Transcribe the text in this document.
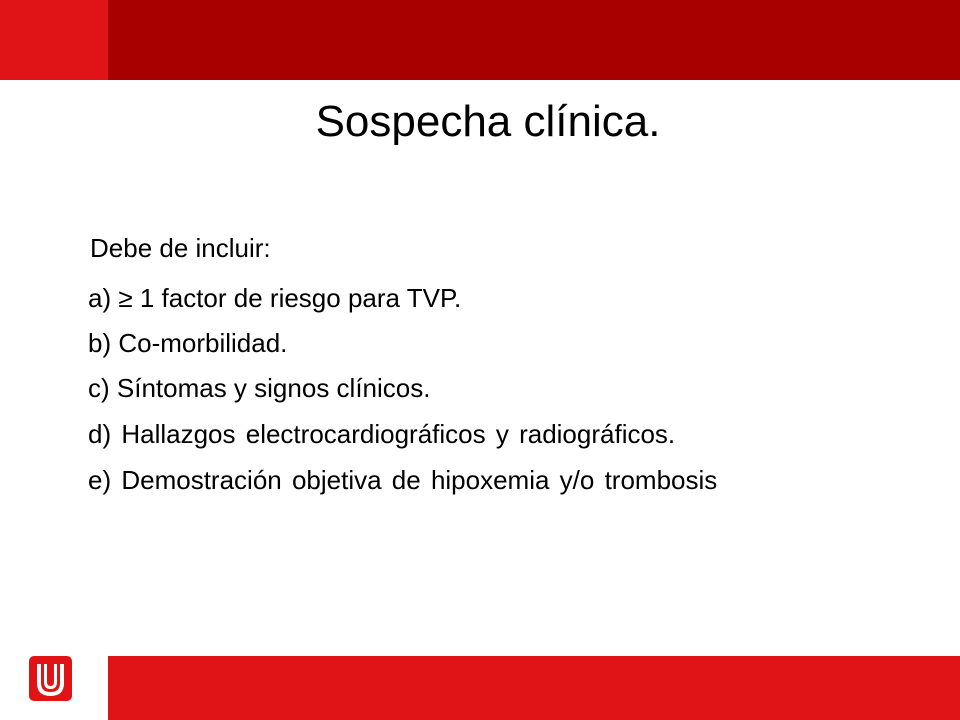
Sospecha clínica.

Debe de incluir:

a) ≥ 1 factor de riesgo para TVP.

b) Co-morbilidad.

c) Síntomas y signos clínicos.

d) Hallazgos electrocardiográficos y radiográficos.

e) Demostración objetiva de hipoxemia y/o trombosis
